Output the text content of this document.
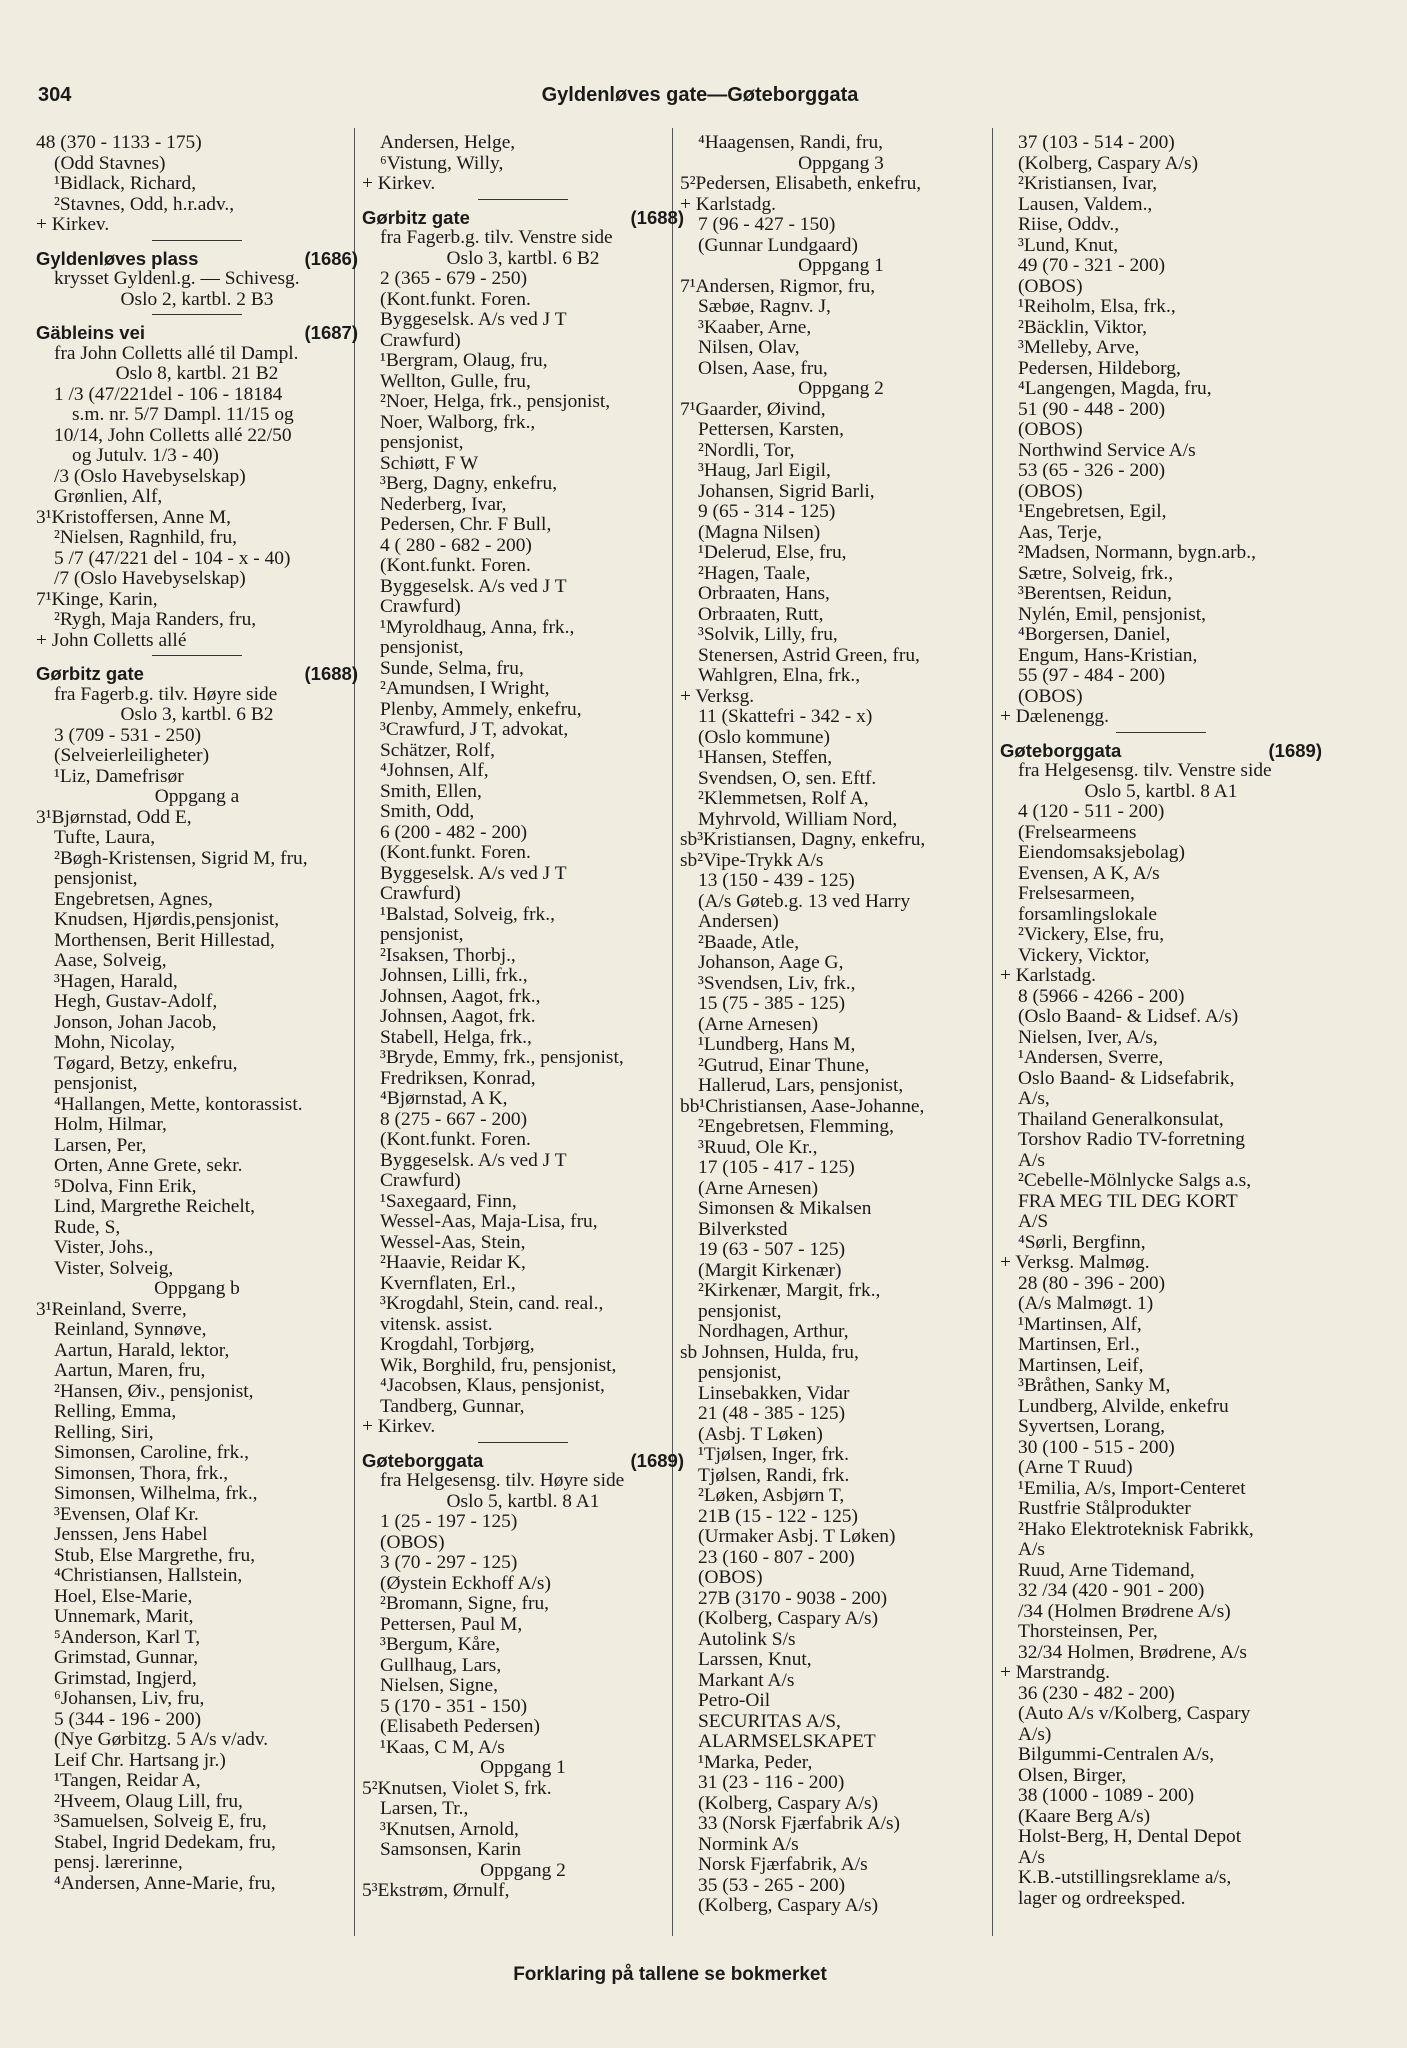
304	Gyldenløves gate—Gøteborggata
48 (370 - 1133 - 175)
(Odd Stavnes)
¹Bidlack, Richard,
²Stavnes, Odd, h.r.adv.,
+ Kirkev.
Gyldenløves plass	(1686)
krysset Gyldenl.g. — Schivesg.
Oslo 2, kartbl. 2 B3
Gäbleins vei	(1687)
fra John Colletts allé til Dampl.
Oslo 8, kartbl. 21 B2
1 /3 (47/221del - 106 - 18184
s.m. nr. 5/7 Dampl. 11/15 og
10/14, John Colletts allé 22/50
og Jutulv. 1/3 - 40)
/3 (Oslo Havebyselskap)
Grønlien, Alf,
3¹Kristoffersen, Anne M,
²Nielsen, Ragnhild, fru,
5 /7 (47/221 del - 104 - x - 40)
/7 (Oslo Havebyselskap)
7¹Kinge, Karin,
²Rygh, Maja Randers, fru,
+ John Colletts allé
Gørbitz gate	(1688)
fra Fagerb.g. tilv. Høyre side
Oslo 3, kartbl. 6 B2
3 (709 - 531 - 250)
(Selveierleiligheter)
¹Liz, Damefrisør
Oppgang a
3¹Bjørnstad, Odd E,
Tufte, Laura,
²Bøgh-Kristensen, Sigrid M, fru,
pensjonist,
Engebretsen, Agnes,
Knudsen, Hjørdis,pensjonist,
Morthensen, Berit Hillestad,
Aase, Solveig,
³Hagen, Harald,
Hegh, Gustav-Adolf,
Jonson, Johan Jacob,
Mohn, Nicolay,
Tøgard, Betzy, enkefru,
pensjonist,
⁴Hallangen, Mette, kontorassist.
Holm, Hilmar,
Larsen, Per,
Orten, Anne Grete, sekr.
⁵Dolva, Finn Erik,
Lind, Margrethe Reichelt,
Rude, S,
Vister, Johs.,
Vister, Solveig,
Oppgang b
3¹Reinland, Sverre,
Reinland, Synnøve,
Aartun, Harald, lektor,
Aartun, Maren, fru,
²Hansen, Øiv., pensjonist,
Relling, Emma,
Relling, Siri,
Simonsen, Caroline, frk.,
Simonsen, Thora, frk.,
Simonsen, Wilhelma, frk.,
³Evensen, Olaf Kr.
Jenssen, Jens Habel
Stub, Else Margrethe, fru,
⁴Christiansen, Hallstein,
Hoel, Else-Marie,
Unnemark, Marit,
⁵Anderson, Karl T,
Grimstad, Gunnar,
Grimstad, Ingjerd,
⁶Johansen, Liv, fru,
5 (344 - 196 - 200)
(Nye Gørbitzg. 5 A/s v/adv.
Leif Chr. Hartsang jr.)
¹Tangen, Reidar A,
²Hveem, Olaug Lill, fru,
³Samuelsen, Solveig E, fru,
Stabel, Ingrid Dedekam, fru,
pensj. lærerinne,
⁴Andersen, Anne-Marie, fru,
Andersen, Helge,
⁶Vistung, Willy,
+ Kirkev.
Gørbitz gate	(1688)
fra Fagerb.g. tilv. Venstre side
Oslo 3, kartbl. 6 B2
2 (365 - 679 - 250)
(Kont.funkt. Foren.
Byggeselsk. A/s ved J T
Crawfurd)
¹Bergram, Olaug, fru,
Wellton, Gulle, fru,
²Noer, Helga, frk., pensjonist,
Noer, Walborg, frk.,
pensjonist,
Schiøtt, F W
³Berg, Dagny, enkefru,
Nederberg, Ivar,
Pedersen, Chr. F Bull,
4 ( 280 - 682 - 200)
(Kont.funkt. Foren.
Byggeselsk. A/s ved J T
Crawfurd)
¹Myroldhaug, Anna, frk.,
pensjonist,
Sunde, Selma, fru,
²Amundsen, I Wright,
Plenby, Ammely, enkefru,
³Crawfurd, J T, advokat,
Schätzer, Rolf,
⁴Johnsen, Alf,
Smith, Ellen,
Smith, Odd,
6 (200 - 482 - 200)
(Kont.funkt. Foren.
Byggeselsk. A/s ved J T
Crawfurd)
¹Balstad, Solveig, frk.,
pensjonist,
²Isaksen, Thorbj.,
Johnsen, Lilli, frk.,
Johnsen, Aagot, frk.,
Johnsen, Aagot, frk.
Stabell, Helga, frk.,
³Bryde, Emmy, frk., pensjonist,
Fredriksen, Konrad,
⁴Bjørnstad, A K,
8 (275 - 667 - 200)
(Kont.funkt. Foren.
Byggeselsk. A/s ved J T
Crawfurd)
¹Saxegaard, Finn,
Wessel-Aas, Maja-Lisa, fru,
Wessel-Aas, Stein,
²Haavie, Reidar K,
Kvernflaten, Erl.,
³Krogdahl, Stein, cand. real.,
vitensk. assist.
Krogdahl, Torbjørg,
Wik, Borghild, fru, pensjonist,
⁴Jacobsen, Klaus, pensjonist,
Tandberg, Gunnar,
+ Kirkev.
Gøteborggata	(1689)
fra Helgesensg. tilv. Høyre side
Oslo 5, kartbl. 8 A1
1 (25 - 197 - 125)
(OBOS)
3 (70 - 297 - 125)
(Øystein Eckhoff A/s)
²Bromann, Signe, fru,
Pettersen, Paul M,
³Bergum, Kåre,
Gullhaug, Lars,
Nielsen, Signe,
5 (170 - 351 - 150)
(Elisabeth Pedersen)
¹Kaas, C M, A/s
Oppgang 1
5²Knutsen, Violet S, frk.
Larsen, Tr.,
³Knutsen, Arnold,
Samsonsen, Karin
Oppgang 2
5³Ekstrøm, Ørnulf,
⁴Haagensen, Randi, fru,
Oppgang 3
5²Pedersen, Elisabeth, enkefru,
+ Karlstadg.
7 (96 - 427 - 150)
(Gunnar Lundgaard)
Oppgang 1
7¹Andersen, Rigmor, fru,
Sæbøe, Ragnv. J,
³Kaaber, Arne,
Nilsen, Olav,
Olsen, Aase, fru,
Oppgang 2
7¹Gaarder, Øivind,
Pettersen, Karsten,
²Nordli, Tor,
³Haug, Jarl Eigil,
Johansen, Sigrid Barli,
9 (65 - 314 - 125)
(Magna Nilsen)
¹Delerud, Else, fru,
²Hagen, Taale,
Orbraaten, Hans,
Orbraaten, Rutt,
³Solvik, Lilly, fru,
Stenersen, Astrid Green, fru,
Wahlgren, Elna, frk.,
+ Verksg.
11 (Skattefri - 342 - x)
(Oslo kommune)
¹Hansen, Steffen,
Svendsen, O, sen. Eftf.
²Klemmetsen, Rolf A,
Myhrvold, William Nord,
sb³Kristiansen, Dagny, enkefru,
sb²Vipe-Trykk A/s
13 (150 - 439 - 125)
(A/s Gøteb.g. 13 ved Harry
Andersen)
²Baade, Atle,
Johanson, Aage G,
³Svendsen, Liv, frk.,
15 (75 - 385 - 125)
(Arne Arnesen)
¹Lundberg, Hans M,
²Gutrud, Einar Thune,
Hallerud, Lars, pensjonist,
bb¹Christiansen, Aase-Johanne,
²Engebretsen, Flemming,
³Ruud, Ole Kr.,
17 (105 - 417 - 125)
(Arne Arnesen)
Simonsen & Mikalsen
Bilverksted
19 (63 - 507 - 125)
(Margit Kirkenær)
²Kirkenær, Margit, frk.,
pensjonist,
Nordhagen, Arthur,
sb Johnsen, Hulda, fru,
pensjonist,
Linsebakken, Vidar
21 (48 - 385 - 125)
(Asbj. T Løken)
¹Tjølsen, Inger, frk.
Tjølsen, Randi, frk.
²Løken, Asbjørn T,
21B (15 - 122 - 125)
(Urmaker Asbj. T Løken)
23 (160 - 807 - 200)
(OBOS)
27B (3170 - 9038 - 200)
(Kolberg, Caspary A/s)
Autolink S/s
Larssen, Knut,
Markant A/s
Petro-Oil
SECURITAS A/S,
ALARMSELSKAPET
¹Marka, Peder,
31 (23 - 116 - 200)
(Kolberg, Caspary A/s)
33 (Norsk Fjærfabrik A/s)
Normink A/s
Norsk Fjærfabrik, A/s
35 (53 - 265 - 200)
(Kolberg, Caspary A/s)
37 (103 - 514 - 200)
(Kolberg, Caspary A/s)
²Kristiansen, Ivar,
Lausen, Valdem.,
Riise, Oddv.,
³Lund, Knut,
49 (70 - 321 - 200)
(OBOS)
¹Reiholm, Elsa, frk.,
²Bäcklin, Viktor,
³Melleby, Arve,
Pedersen, Hildeborg,
⁴Langengen, Magda, fru,
51 (90 - 448 - 200)
(OBOS)
Northwind Service A/s
53 (65 - 326 - 200)
(OBOS)
¹Engebretsen, Egil,
Aas, Terje,
²Madsen, Normann, bygn.arb.,
Sætre, Solveig, frk.,
³Berentsen, Reidun,
Nylén, Emil, pensjonist,
⁴Borgersen, Daniel,
Engum, Hans-Kristian,
55 (97 - 484 - 200)
(OBOS)
+ Dælenengg.
Gøteborggata	(1689)
fra Helgesensg. tilv. Venstre side
Oslo 5, kartbl. 8 A1
4 (120 - 511 - 200)
(Frelsearmeens
Eiendomsaksjebolag)
Evensen, A K, A/s
Frelsesarmeen,
forsamlingslokale
²Vickery, Else, fru,
Vickery, Vicktor,
+ Karlstadg.
8 (5966 - 4266 - 200)
(Oslo Baand- & Lidsef. A/s)
Nielsen, Iver, A/s,
¹Andersen, Sverre,
Oslo Baand- & Lidsefabrik,
A/s,
Thailand Generalkonsulat,
Torshov Radio TV-forretning
A/s
²Cebelle-Mölnlycke Salgs a.s,
FRA MEG TIL DEG KORT
A/S
⁴Sørli, Bergfinn,
+ Verksg. Malmøg.
28 (80 - 396 - 200)
(A/s Malmøgt. 1)
¹Martinsen, Alf,
Martinsen, Erl.,
Martinsen, Leif,
³Bråthen, Sanky M,
Lundberg, Alvilde, enkefru
Syvertsen, Lorang,
30 (100 - 515 - 200)
(Arne T Ruud)
¹Emilia, A/s, Import-Centeret
Rustfrie Stålprodukter
²Hako Elektroteknisk Fabrikk,
A/s
Ruud, Arne Tidemand,
32 /34 (420 - 901 - 200)
/34 (Holmen Brødrene A/s)
Thorsteinsen, Per,
32/34 Holmen, Brødrene, A/s
+ Marstrandg.
36 (230 - 482 - 200)
(Auto A/s v/Kolberg, Caspary
A/s)
Bilgummi-Centralen A/s,
Olsen, Birger,
38 (1000 - 1089 - 200)
(Kaare Berg A/s)
Holst-Berg, H, Dental Depot
A/s
K.B.-utstillingsreklame a/s,
lager og ordreeksped.
Forklaring på tallene se bokmerket
